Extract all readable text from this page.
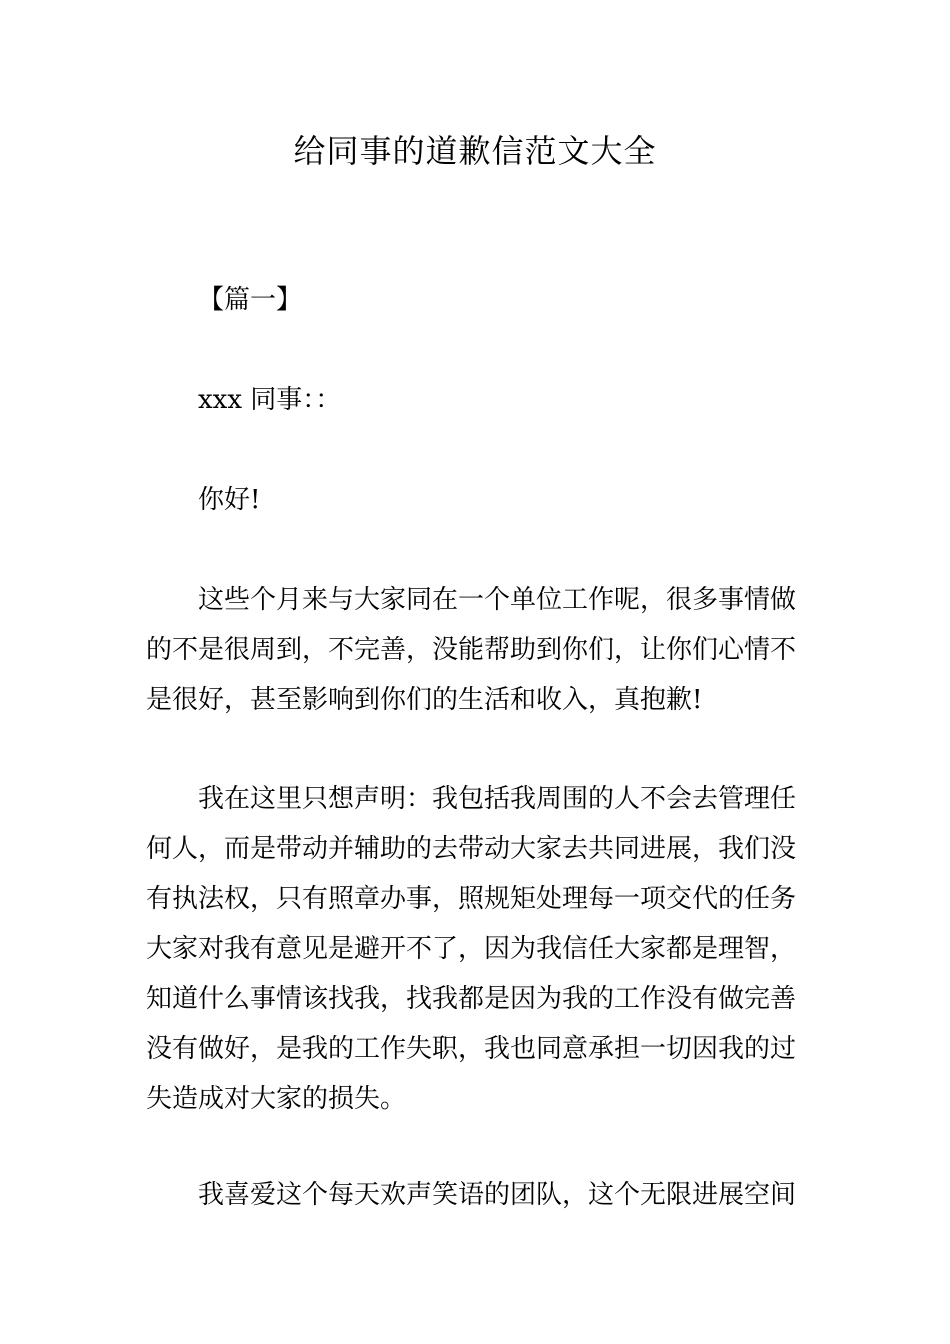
给同事的道歉信范文大全

【篇一】

xxx 同事：：

你好!

这些个月来与大家同在一个单位工作呢，很多事情做
的不是很周到，不完善，没能帮助到你们，让你们心情不
是很好，甚至影响到你们的生活和收入，真抱歉!
我在这里只想声明：我包括我周围的人不会去管理任
何人，而是带动并辅助的去带动大家去共同进展，我们没
有执法权，只有照章办事，照规矩处理每一项交代的任务
大家对我有意见是避开不了，因为我信任大家都是理智，
知道什么事情该找我，找我都是因为我的工作没有做完善
没有做好，是我的工作失职，我也同意承担一切因我的过
失造成对大家的损失。
我喜爱这个每天欢声笑语的团队，这个无限进展空间
